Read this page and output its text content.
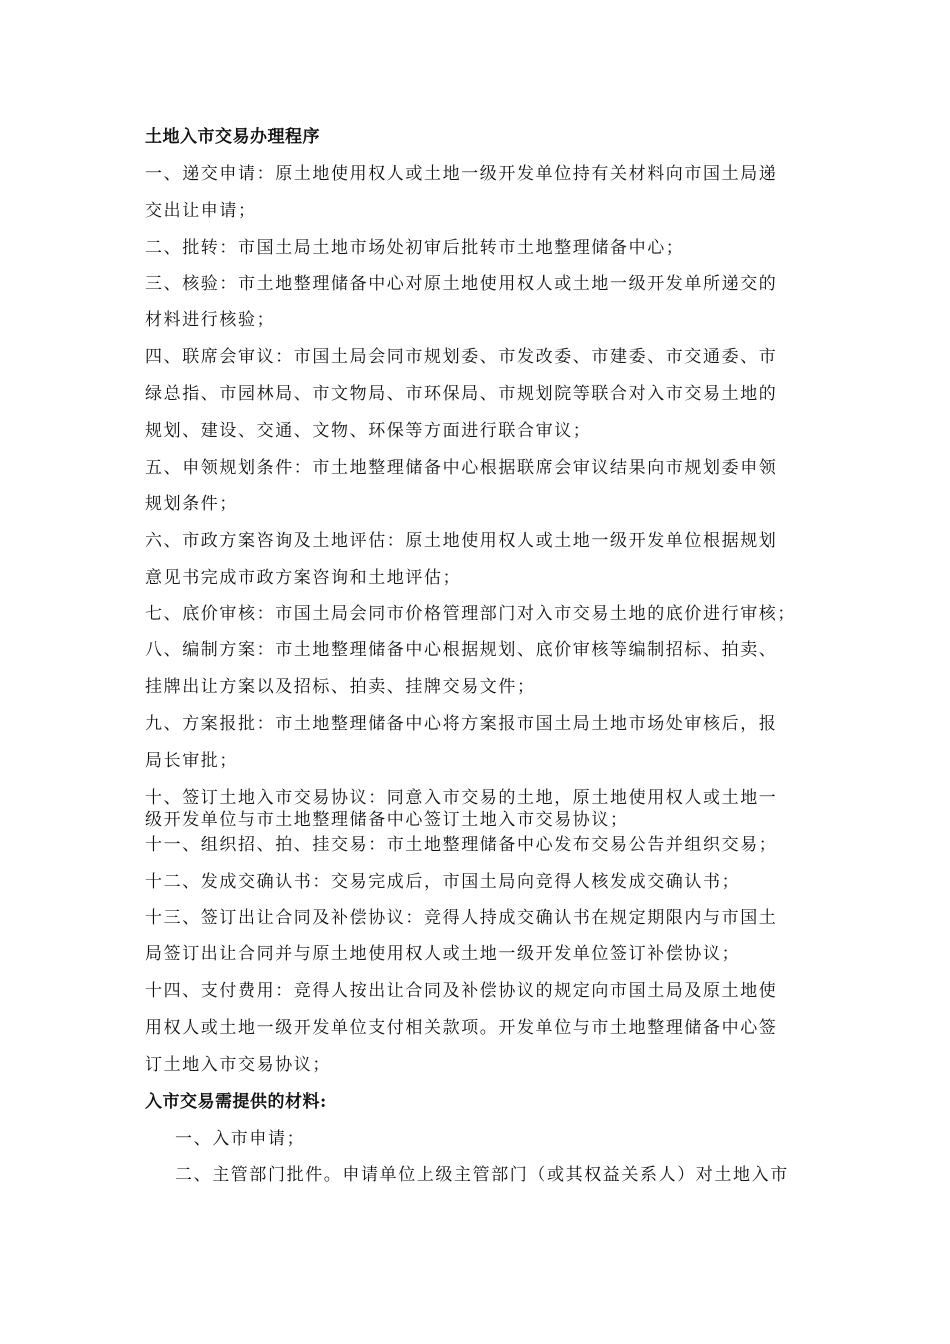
土地入市交易办理程序
一、递交申请：原土地使用权人或土地一级开发单位持有关材料向市国土局递
交出让申请；
二、批转：市国土局土地市场处初审后批转市土地整理储备中心；
三、核验：市土地整理储备中心对原土地使用权人或土地一级开发单所递交的
材料进行核验；
四、联席会审议：市国土局会同市规划委、市发改委、市建委、市交通委、市
绿总指、市园林局、市文物局、市环保局、市规划院等联合对入市交易土地的
规划、建设、交通、文物、环保等方面进行联合审议；
五、申领规划条件：市土地整理储备中心根据联席会审议结果向市规划委申领
规划条件；
六、市政方案咨询及土地评估：原土地使用权人或土地一级开发单位根据规划
意见书完成市政方案咨询和土地评估；
七、底价审核：市国土局会同市价格管理部门对入市交易土地的底价进行审核；
八、编制方案：市土地整理储备中心根据规划、底价审核等编制招标、拍卖、
挂牌出让方案以及招标、拍卖、挂牌交易文件；
九、方案报批：市土地整理储备中心将方案报市国土局土地市场处审核后，报
局长审批；
十、签订土地入市交易协议：同意入市交易的土地，原土地使用权人或土地一
级开发单位与市土地整理储备中心签订土地入市交易协议；
十一、组织招、拍、挂交易：市土地整理储备中心发布交易公告并组织交易；
十二、发成交确认书：交易完成后，市国土局向竞得人核发成交确认书；
十三、签订出让合同及补偿协议：竞得人持成交确认书在规定期限内与市国土
局签订出让合同并与原土地使用权人或土地一级开发单位签订补偿协议；
十四、支付费用：竞得人按出让合同及补偿协议的规定向市国土局及原土地使
用权人或土地一级开发单位支付相关款项。开发单位与市土地整理储备中心签
订土地入市交易协议；
入市交易需提供的材料:
一、入市申请；
二、主管部门批件。申请单位上级主管部门（或其权益关系人）对土地入市
